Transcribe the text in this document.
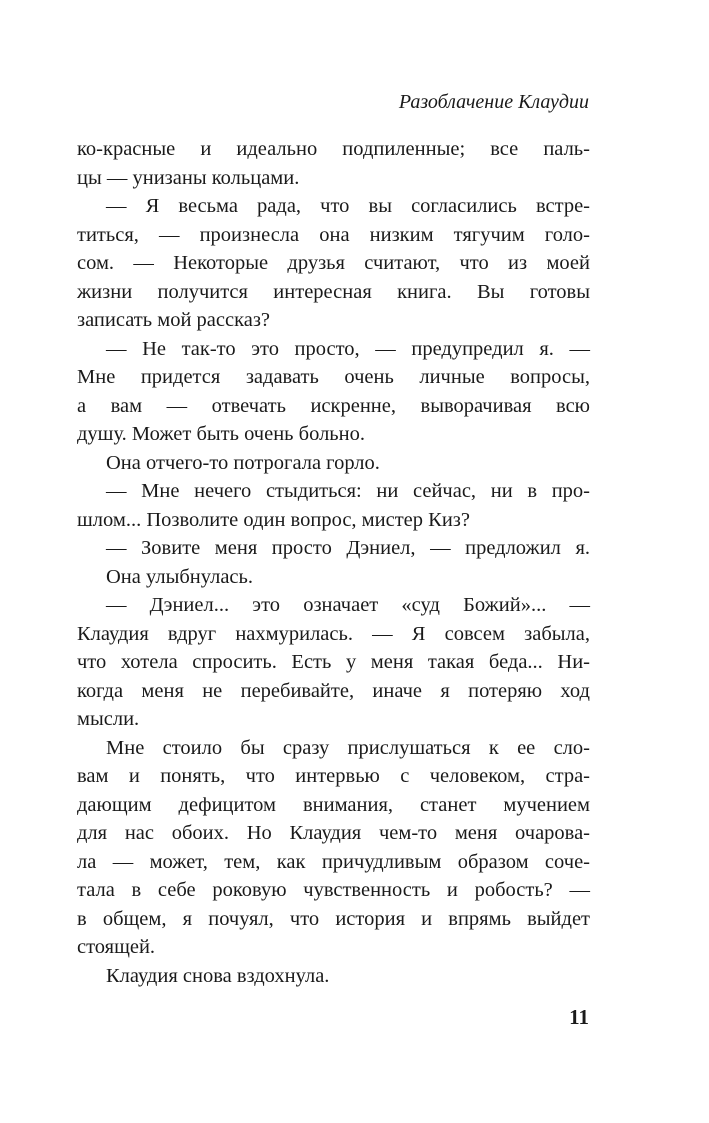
Разоблачение Клаудии
ко-красные и идеально подпиленные; все паль-
цы — унизаны кольцами.
— Я весьма рада, что вы согласились встре-
титься, — произнесла она низким тягучим голо-
сом. — Некоторые друзья считают, что из моей
жизни получится интересная книга. Вы готовы
записать мой рассказ?
— Не так-то это просто, — предупредил я. —
Мне придется задавать очень личные вопросы,
а вам — отвечать искренне, выворачивая всю
душу. Может быть очень больно.
Она отчего-то потрогала горло.
— Мне нечего стыдиться: ни сейчас, ни в про-
шлом... Позволите один вопрос, мистер Киз?
— Зовите меня просто Дэниел, — предложил я.
Она улыбнулась.
— Дэниел... это означает «суд Божий»... —
Клаудия вдруг нахмурилась. — Я совсем забыла,
что хотела спросить. Есть у меня такая беда... Ни-
когда меня не перебивайте, иначе я потеряю ход
мысли.
Мне стоило бы сразу прислушаться к ее сло-
вам и понять, что интервью с человеком, стра-
дающим дефицитом внимания, станет мучением
для нас обоих. Но Клаудия чем-то меня очарова-
ла — может, тем, как причудливым образом соче-
тала в себе роковую чувственность и робость? —
в общем, я почуял, что история и впрямь выйдет
стоящей.
Клаудия снова вздохнула.
11
